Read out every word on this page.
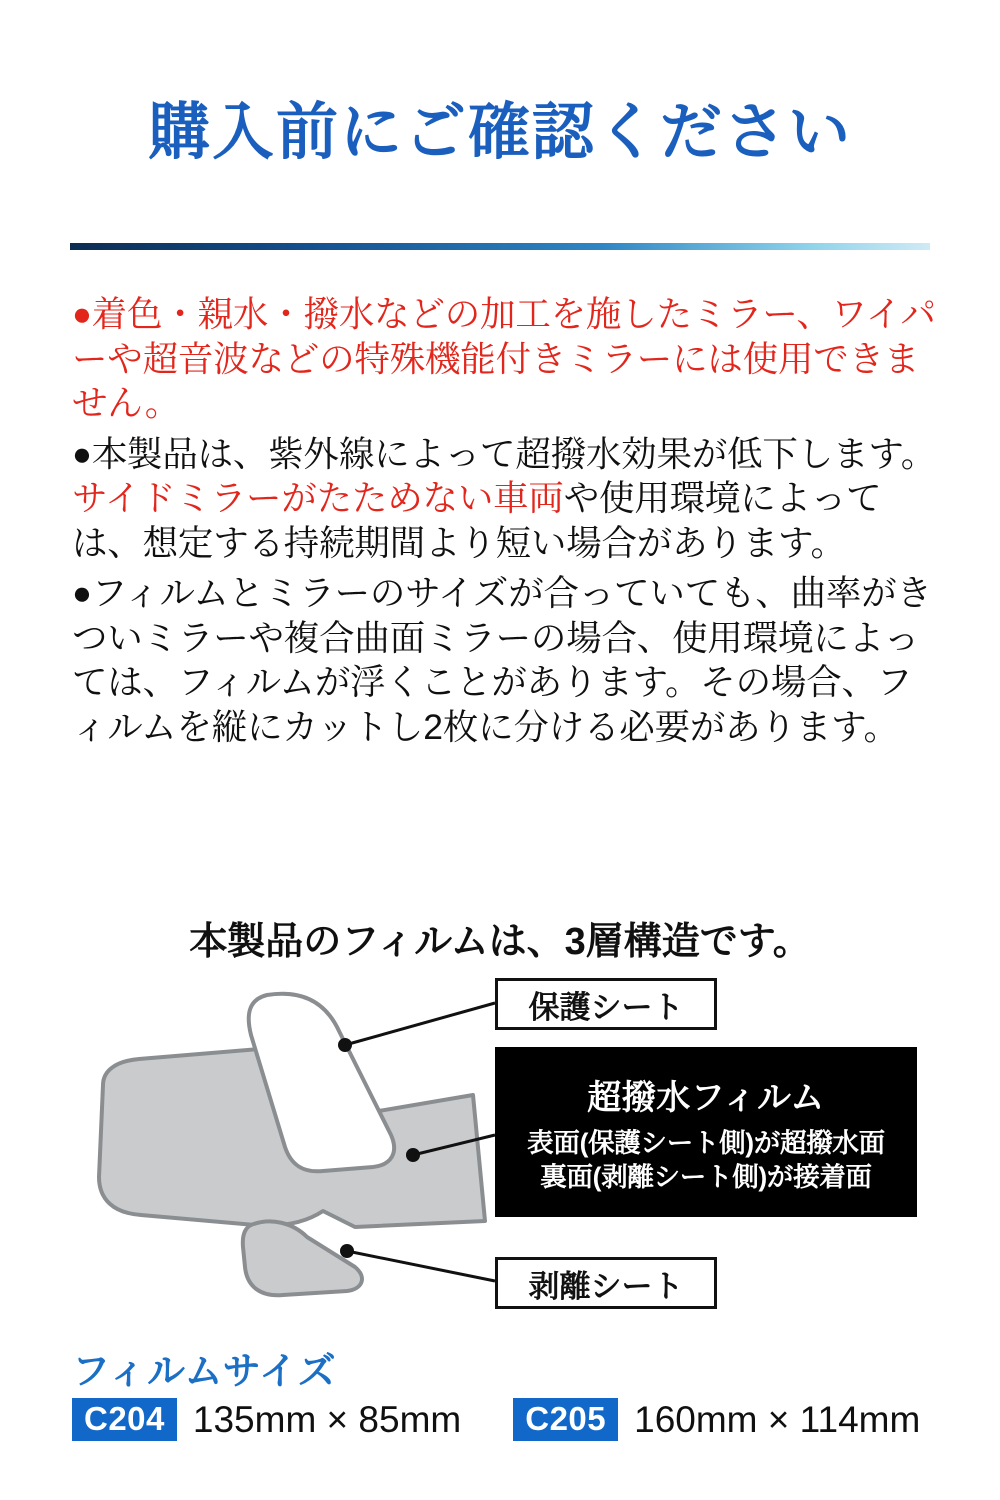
購入前にご確認ください
●着色・親水・撥水などの加工を施したミラー、ワイパーや超音波などの特殊機能付きミラーには使用できません。
●本製品は、紫外線によって超撥水効果が低下します。サイドミラーがたためない車両や使用環境によっては、想定する持続期間より短い場合があります。
●フィルムとミラーのサイズが合っていても、曲率がきついミラーや複合曲面ミラーの場合、使用環境によっては、フィルムが浮くことがあります。その場合、フィルムを縦にカットし2枚に分ける必要があります。
本製品のフィルムは、3層構造です。
保護シート
超撥水フィルム
表面(保護シート側)が超撥水面
裏面(剥離シート側)が接着面
剥離シート
フィルムサイズ
C204 135mm × 85mm	C205 160mm × 114mm
